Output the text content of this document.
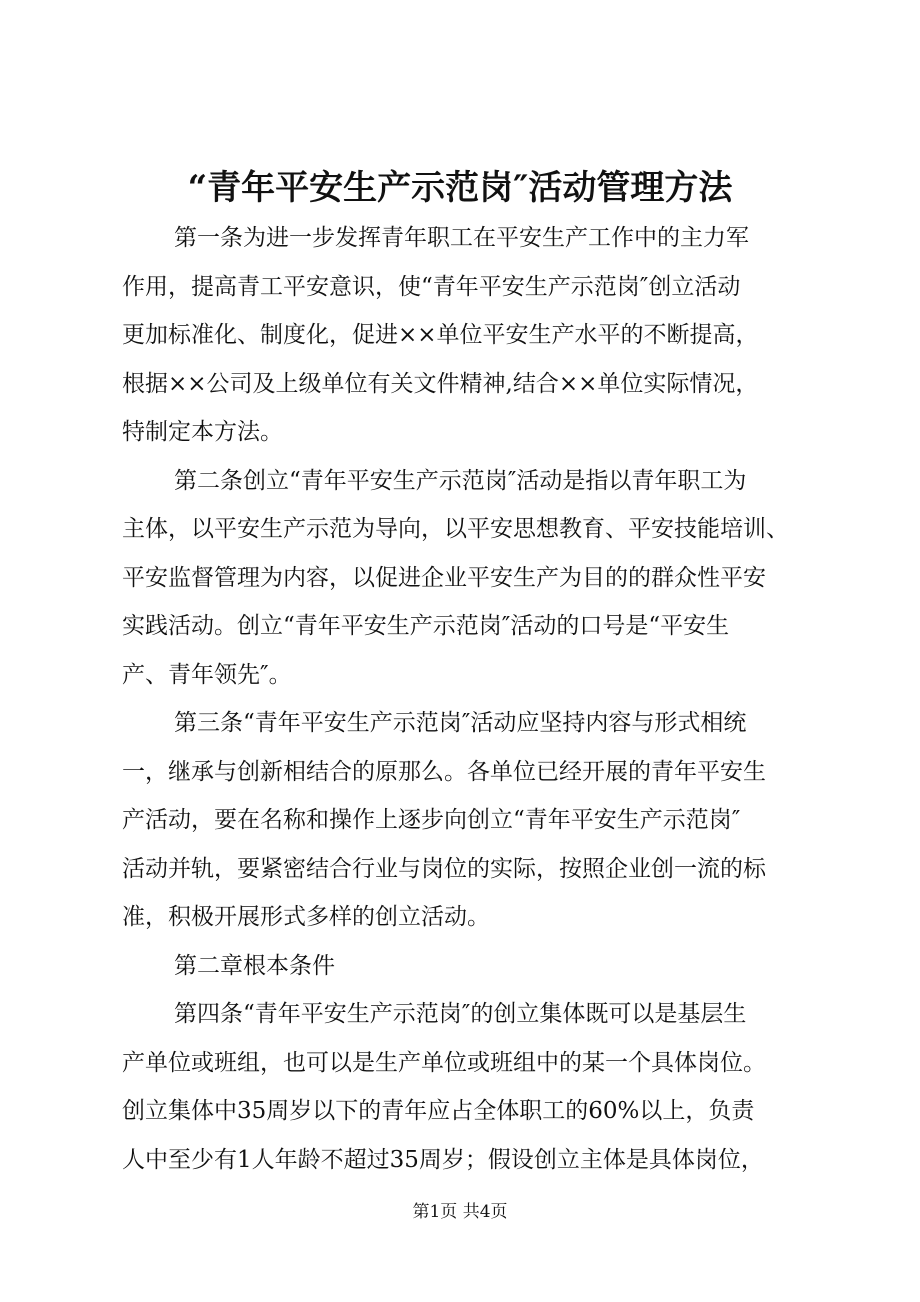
“青年平安生产示范岗″活动管理方法
第一条为进一步发挥青年职工在平安生产工作中的主力军
作用，提高青工平安意识，使“青年平安生产示范岗″创立活动
更加标准化、制度化，促进××单位平安生产水平的不断提高，
根据××公司及上级单位有关文件精神,结合××单位实际情况，
特制定本方法。
第二条创立“青年平安生产示范岗″活动是指以青年职工为
主体，以平安生产示范为导向，以平安思想教育、平安技能培训、
平安监督管理为内容，以促进企业平安生产为目的的群众性平安
实践活动。创立“青年平安生产示范岗″活动的口号是“平安生
产、青年领先″。
第三条“青年平安生产示范岗″活动应坚持内容与形式相统
一，继承与创新相结合的原那么。各单位已经开展的青年平安生
产活动，要在名称和操作上逐步向创立“青年平安生产示范岗″
活动并轨，要紧密结合行业与岗位的实际，按照企业创一流的标
准，积极开展形式多样的创立活动。
第二章根本条件
第四条“青年平安生产示范岗″的创立集体既可以是基层生
产单位或班组，也可以是生产单位或班组中的某一个具体岗位。
创立集体中35周岁以下的青年应占全体职工的60%以上，负责
人中至少有1人年龄不超过35周岁；假设创立主体是具体岗位，
第1页 共4页
